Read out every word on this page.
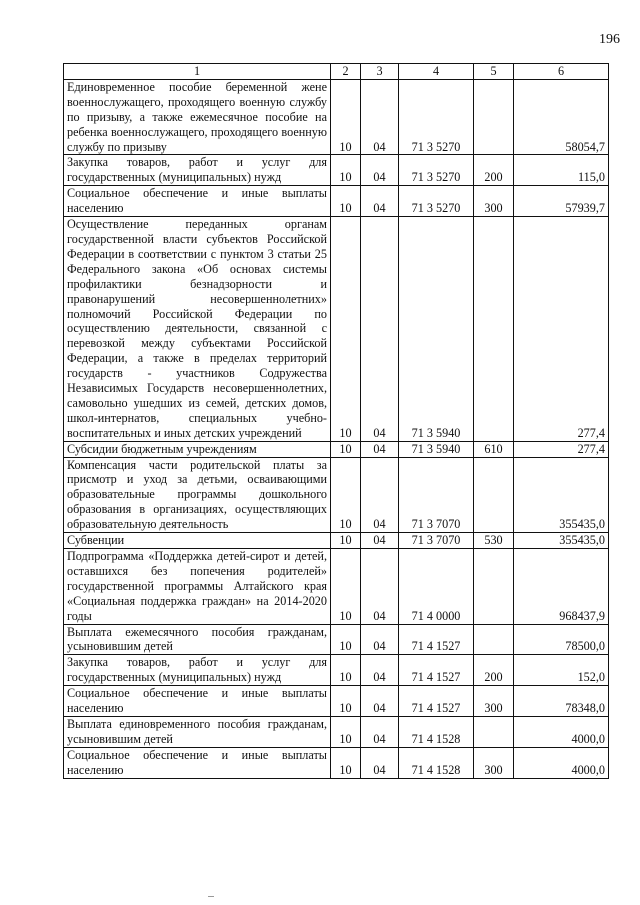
196
1	2	3	4	5	6
Единовременное пособие беременной жене военнослужащего, проходящего военную службу по призыву, а также ежемесячное пособие на ребенка военнослужащего, проходящего военную службу по призыву	10	04	71 3 5270		58054,7
Закупка товаров, работ и услуг для государственных (муниципальных) нужд	10	04	71 3 5270	200	115,0
Социальное обеспечение и иные выплаты населению	10	04	71 3 5270	300	57939,7
Осуществление переданных органам государственной власти субъектов Российской Федерации в соответствии с пунктом 3 статьи 25 Федерального закона «Об основах системы профилактики безнадзорности и правонарушений несовершеннолетних» полномочий Российской Федерации по осуществлению деятельности, связанной с перевозкой между субъектами Российской Федерации, а также в пределах территорий государств - участников Содружества Независимых Государств несовершеннолетних, самовольно ушедших из семей, детских домов, школ-интернатов, специальных учебно-воспитательных и иных детских учреждений	10	04	71 3 5940		277,4
Субсидии бюджетным учреждениям	10	04	71 3 5940	610	277,4
Компенсация части родительской платы за присмотр и уход за детьми, осваивающими образовательные программы дошкольного образования в организациях, осуществляющих образовательную деятельность	10	04	71 3 7070		355435,0
Субвенции	10	04	71 3 7070	530	355435,0
Подпрограмма «Поддержка детей-сирот и детей, оставшихся без попечения родителей» государственной программы Алтайского края «Социальная поддержка граждан» на 2014-2020 годы	10	04	71 4 0000		968437,9
Выплата ежемесячного пособия гражданам, усыновившим детей	10	04	71 4 1527		78500,0
Закупка товаров, работ и услуг для государственных (муниципальных) нужд	10	04	71 4 1527	200	152,0
Социальное обеспечение и иные выплаты населению	10	04	71 4 1527	300	78348,0
Выплата единовременного пособия гражданам, усыновившим детей	10	04	71 4 1528		4000,0
Социальное обеспечение и иные выплаты населению	10	04	71 4 1528	300	4000,0
